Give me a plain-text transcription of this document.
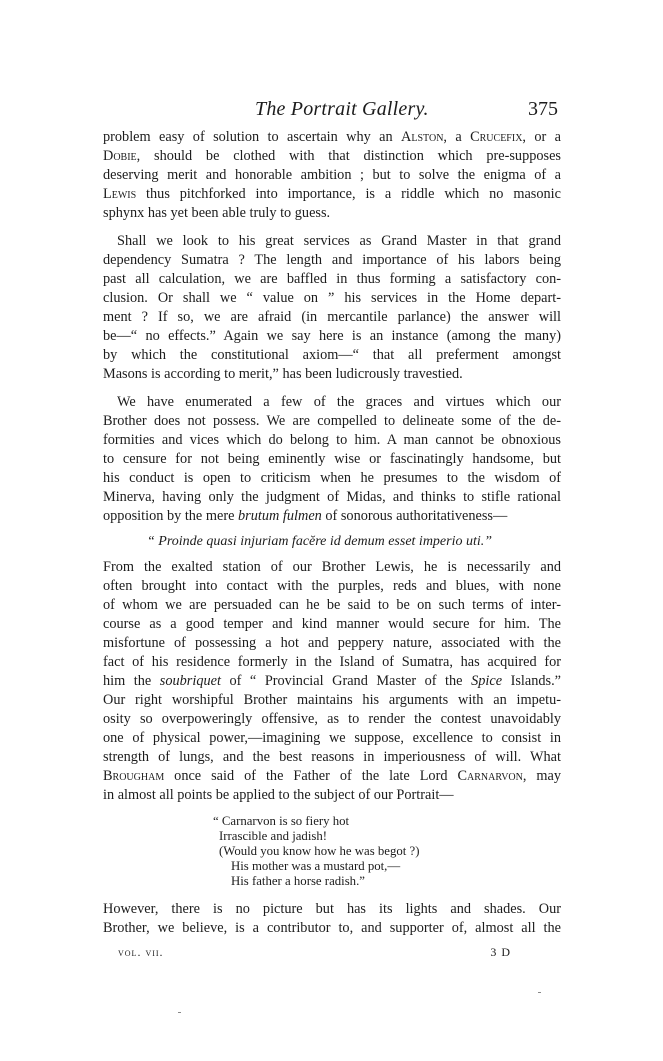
The Portrait Gallery.	375

problem easy of solution to ascertain why an Alston, a Crucefix, or a

Dobie, should be clothed with that distinction which pre-supposes

deserving merit and honorable ambition ; but to solve the enigma of a

Lewis thus pitchforked into importance, is a riddle which no masonic

sphynx has yet been able truly to guess.

Shall we look to his great services as Grand Master in that grand

dependency Sumatra ? The length and importance of his labors being

past all calculation, we are baffled in thus forming a satisfactory con-

clusion. Or shall we “ value on ” his services in the Home depart-

ment ? If so, we are afraid (in mercantile parlance) the answer will

be—“ no effects.” Again we say here is an instance (among the many)

by which the constitutional axiom—“ that all preferment amongst

Masons is according to merit,” has been ludicrously travestied.

We have enumerated a few of the graces and virtues which our

Brother does not possess. We are compelled to delineate some of the de-

formities and vices which do belong to him. A man cannot be obnoxious

to censure for not being eminently wise or fascinatingly handsome, but

his conduct is open to criticism when he presumes to the wisdom of

Minerva, having only the judgment of Midas, and thinks to stifle rational

opposition by the mere brutum fulmen of sonorous authoritativeness—

“ Proinde quasi injuriam facĕre id demum esset imperio uti.”

From the exalted station of our Brother Lewis, he is necessarily and

often brought into contact with the purples, reds and blues, with none

of whom we are persuaded can he be said to be on such terms of inter-

course as a good temper and kind manner would secure for him. The

misfortune of possessing a hot and peppery nature, associated with the

fact of his residence formerly in the Island of Sumatra, has acquired for

him the soubriquet of “ Provincial Grand Master of the Spice Islands.”

Our right worshipful Brother maintains his arguments with an impetu-

osity so overpoweringly offensive, as to render the contest unavoidably

one of physical power,—imagining we suppose, excellence to consist in

strength of lungs, and the best reasons in imperiousness of will. What

Brougham once said of the Father of the late Lord Carnarvon, may

in almost all points be applied to the subject of our Portrait—

“ Carnarvon is so fiery hot
Irrascible and jadish!
(Would you know how he was begot ?)
His mother was a mustard pot,—
His father a horse radish.”

However, there is no picture but has its lights and shades. Our

Brother, we believe, is a contributor to, and supporter of, almost all the

vol. vii.	3 D
